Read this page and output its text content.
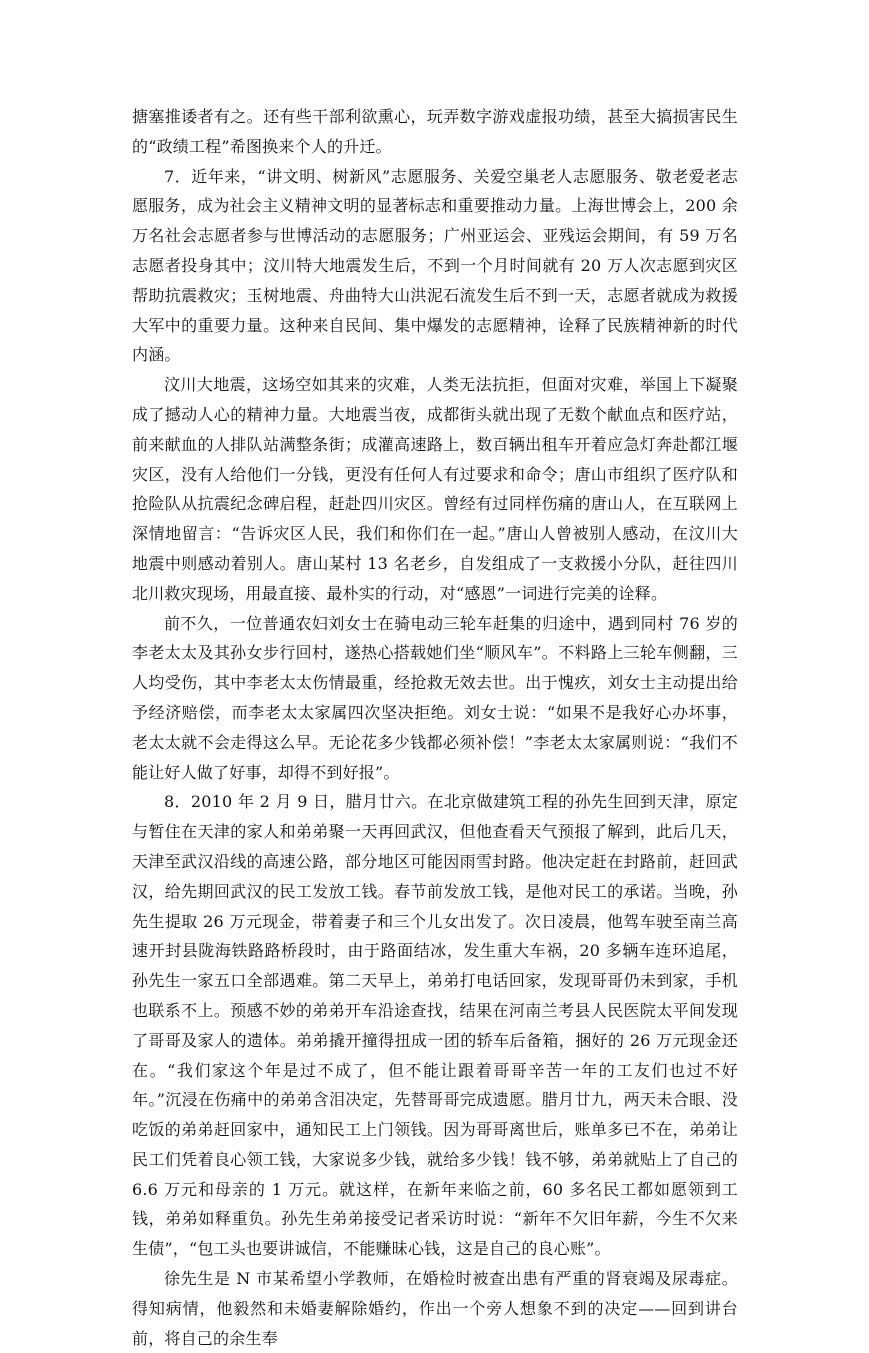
搪塞推诿者有之。还有些干部利欲熏心，玩弄数字游戏虚报功绩，甚至大搞损害民生的“政绩工程”希图换来个人的升迁。

7．近年来，“讲文明、树新风”志愿服务、关爱空巢老人志愿服务、敬老爱老志愿服务，成为社会主义精神文明的显著标志和重要推动力量。上海世博会上，200 余万名社会志愿者参与世博活动的志愿服务；广州亚运会、亚残运会期间，有 59 万名志愿者投身其中；汶川特大地震发生后，不到一个月时间就有 20 万人次志愿到灾区帮助抗震救灾；玉树地震、舟曲特大山洪泥石流发生后不到一天，志愿者就成为救援大军中的重要力量。这种来自民间、集中爆发的志愿精神，诠释了民族精神新的时代内涵。

汶川大地震，这场空如其来的灾难，人类无法抗拒，但面对灾难，举国上下凝聚成了撼动人心的精神力量。大地震当夜，成都街头就出现了无数个献血点和医疗站，前来献血的人排队站满整条街；成灌高速路上，数百辆出租车开着应急灯奔赴都江堰灾区，没有人给他们一分钱，更没有任何人有过要求和命令；唐山市组织了医疗队和抢险队从抗震纪念碑启程，赶赴四川灾区。曾经有过同样伤痛的唐山人，在互联网上深情地留言：“告诉灾区人民，我们和你们在一起。”唐山人曾被别人感动，在汶川大地震中则感动着别人。唐山某村 13 名老乡，自发组成了一支救援小分队，赶往四川北川救灾现场，用最直接、最朴实的行动，对“感恩”一词进行完美的诠释。

前不久，一位普通农妇刘女士在骑电动三轮车赶集的归途中，遇到同村 76 岁的李老太太及其孙女步行回村，遂热心搭载她们坐“顺风车”。不料路上三轮车侧翻，三人均受伤，其中李老太太伤情最重，经抢救无效去世。出于愧疚，刘女士主动提出给予经济赔偿，而李老太太家属四次坚决拒绝。刘女士说：“如果不是我好心办坏事，老太太就不会走得这么早。无论花多少钱都必须补偿！”李老太太家属则说：“我们不能让好人做了好事，却得不到好报”。

8．2010 年 2 月 9 日，腊月廿六。在北京做建筑工程的孙先生回到天津，原定与暂住在天津的家人和弟弟聚一天再回武汉，但他查看天气预报了解到，此后几天，天津至武汉沿线的高速公路，部分地区可能因雨雪封路。他决定赶在封路前，赶回武汉，给先期回武汉的民工发放工钱。春节前发放工钱，是他对民工的承诺。当晚，孙先生提取 26 万元现金，带着妻子和三个儿女出发了。次日凌晨，他驾车驶至南兰高速开封县陇海铁路路桥段时，由于路面结冰，发生重大车祸，20 多辆车连环追尾，孙先生一家五口全部遇难。第二天早上，弟弟打电话回家，发现哥哥仍未到家，手机也联系不上。预感不妙的弟弟开车沿途查找，结果在河南兰考县人民医院太平间发现了哥哥及家人的遗体。弟弟撬开撞得扭成一团的轿车后备箱，捆好的 26 万元现金还在。“我们家这个年是过不成了，但不能让跟着哥哥辛苦一年的工友们也过不好年。”沉浸在伤痛中的弟弟含泪决定，先替哥哥完成遗愿。腊月廿九，两天未合眼、没吃饭的弟弟赶回家中，通知民工上门领钱。因为哥哥离世后，账单多已不在，弟弟让民工们凭着良心领工钱，大家说多少钱，就给多少钱！钱不够，弟弟就贴上了自己的 6.6 万元和母亲的 1 万元。就这样，在新年来临之前，60 多名民工都如愿领到工钱，弟弟如释重负。孙先生弟弟接受记者采访时说：“新年不欠旧年薪，今生不欠来生债”，“包工头也要讲诚信，不能赚昧心钱，这是自己的良心账”。

徐先生是 N 市某希望小学教师，在婚检时被查出患有严重的肾衰竭及尿毒症。得知病情，他毅然和未婚妻解除婚约，作出一个旁人想象不到的决定——回到讲台前，将自己的余生奉
